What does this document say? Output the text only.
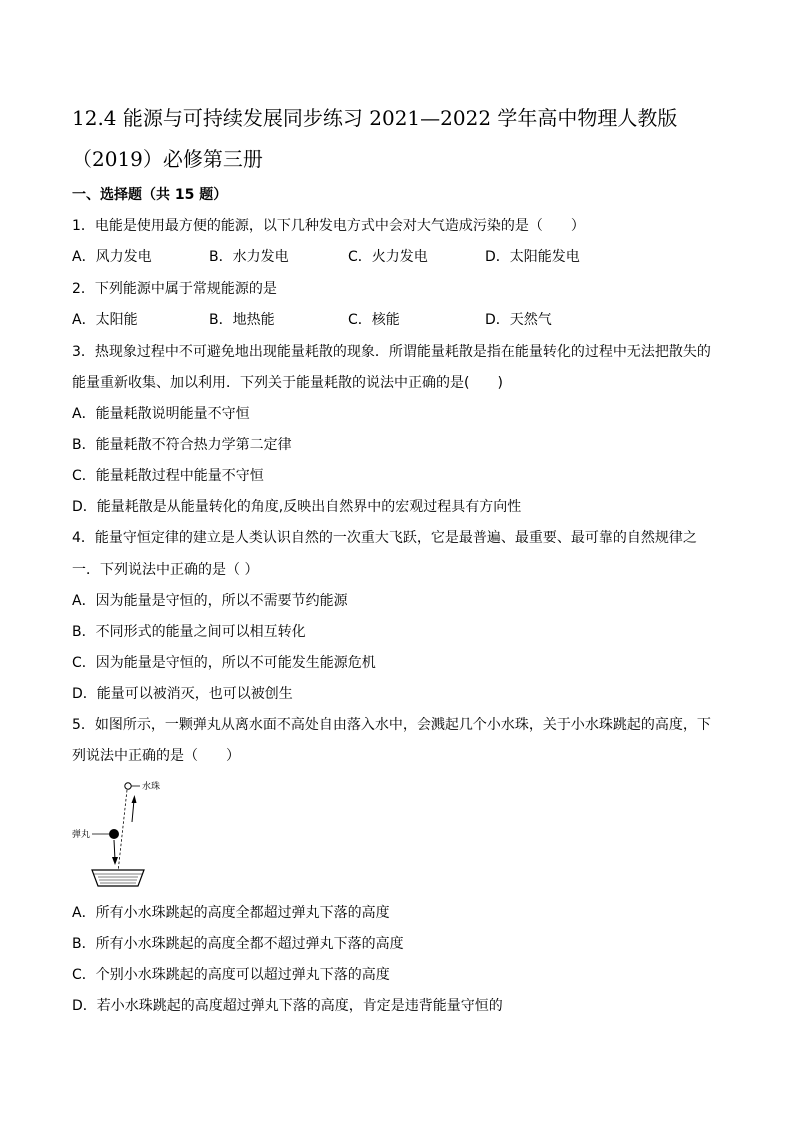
12.4 能源与可持续发展同步练习 2021—2022 学年高中物理人教版
（2019）必修第三册
一、选择题（共 15 题）
1．电能是使用最方便的能源，以下几种发电方式中会对大气造成污染的是（　　）
A．风力发电	B．水力发电	C．火力发电	D．太阳能发电
2．下列能源中属于常规能源的是
A．太阳能	B．地热能	C．核能	D．天然气
3．热现象过程中不可避免地出现能量耗散的现象．所谓能量耗散是指在能量转化的过程中无法把散失的
能量重新收集、加以利用．下列关于能量耗散的说法中正确的是(　　)
A．能量耗散说明能量不守恒
B．能量耗散不符合热力学第二定律
C．能量耗散过程中能量不守恒
D．能量耗散是从能量转化的角度,反映出自然界中的宏观过程具有方向性
4．能量守恒定律的建立是人类认识自然的一次重大飞跃，它是最普遍、最重要、最可靠的自然规律之
一．下列说法中正确的是（ ）
A．因为能量是守恒的，所以不需要节约能源
B．不同形式的能量之间可以相互转化
C．因为能量是守恒的，所以不可能发生能源危机
D．能量可以被消灭，也可以被创生
5．如图所示，一颗弹丸从离水面不高处自由落入水中，会溅起几个小水珠，关于小水珠跳起的高度，下
列说法中正确的是（　　）
水珠
弹丸
A．所有小水珠跳起的高度全都超过弹丸下落的高度
B．所有小水珠跳起的高度全都不超过弹丸下落的高度
C．个别小水珠跳起的高度可以超过弹丸下落的高度
D．若小水珠跳起的高度超过弹丸下落的高度，肯定是违背能量守恒的
